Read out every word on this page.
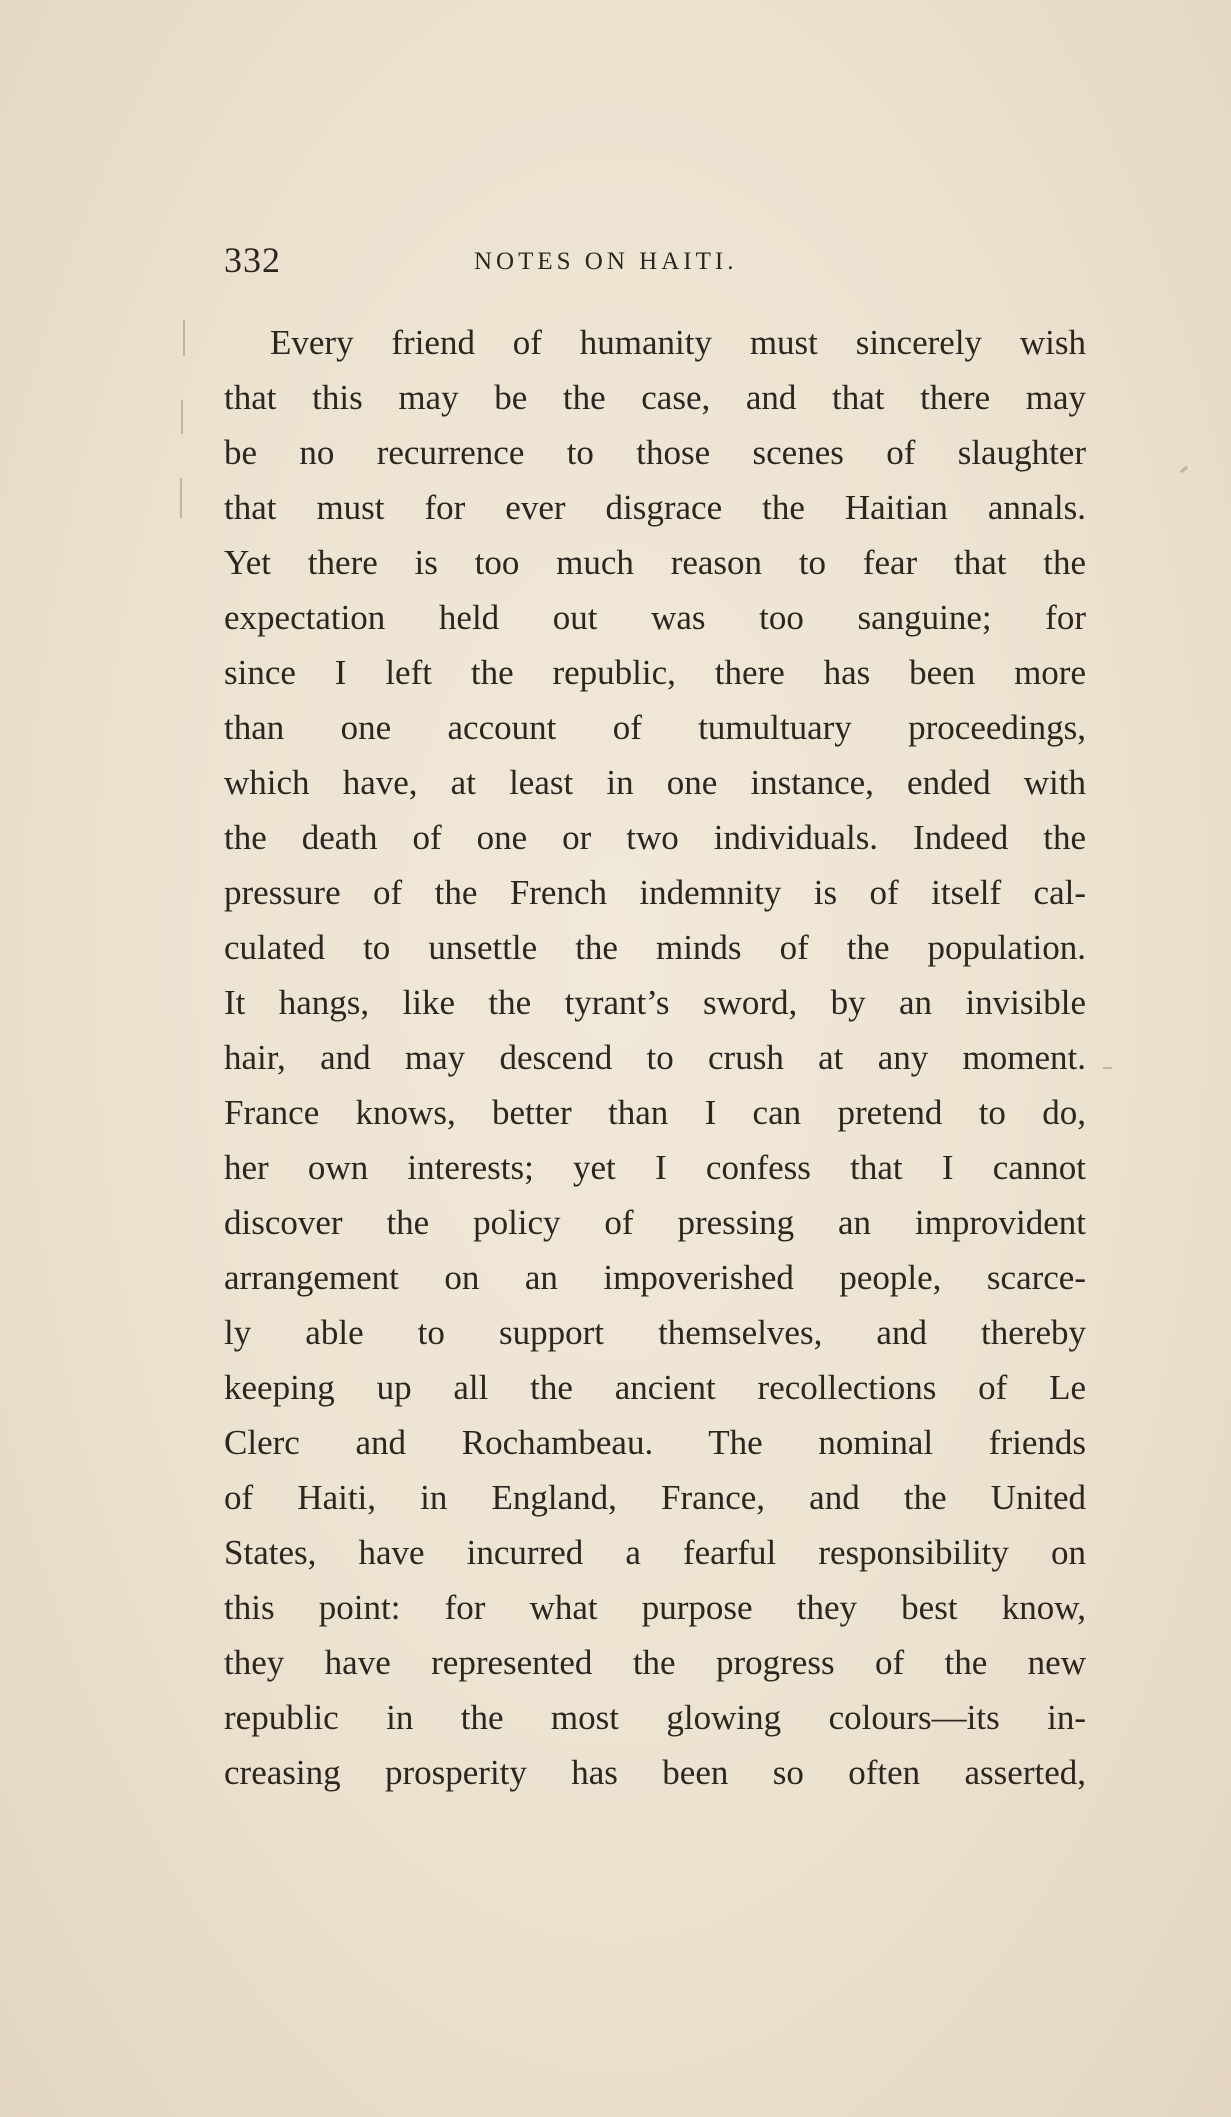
332	NOTES ON HAITI.
Every friend of humanity must sincerely wish
that this may be the case, and that there may
be no recurrence to those scenes of slaughter
that must for ever disgrace the Haitian annals.
Yet there is too much reason to fear that the
expectation held out was too sanguine; for
since I left the republic, there has been more
than one account of tumultuary proceedings,
which have, at least in one instance, ended with
the death of one or two individuals. Indeed the
pressure of the French indemnity is of itself cal-
culated to unsettle the minds of the population.
It hangs, like the tyrant’s sword, by an invisible
hair, and may descend to crush at any moment.
France knows, better than I can pretend to do,
her own interests; yet I confess that I cannot
discover the policy of pressing an improvident
arrangement on an impoverished people, scarce-
ly able to support themselves, and thereby
keeping up all the ancient recollections of Le
Clerc and Rochambeau. The nominal friends
of Haiti, in England, France, and the United
States, have incurred a fearful responsibility on
this point: for what purpose they best know,
they have represented the progress of the new
republic in the most glowing colours—its in-
creasing prosperity has been so often asserted,
